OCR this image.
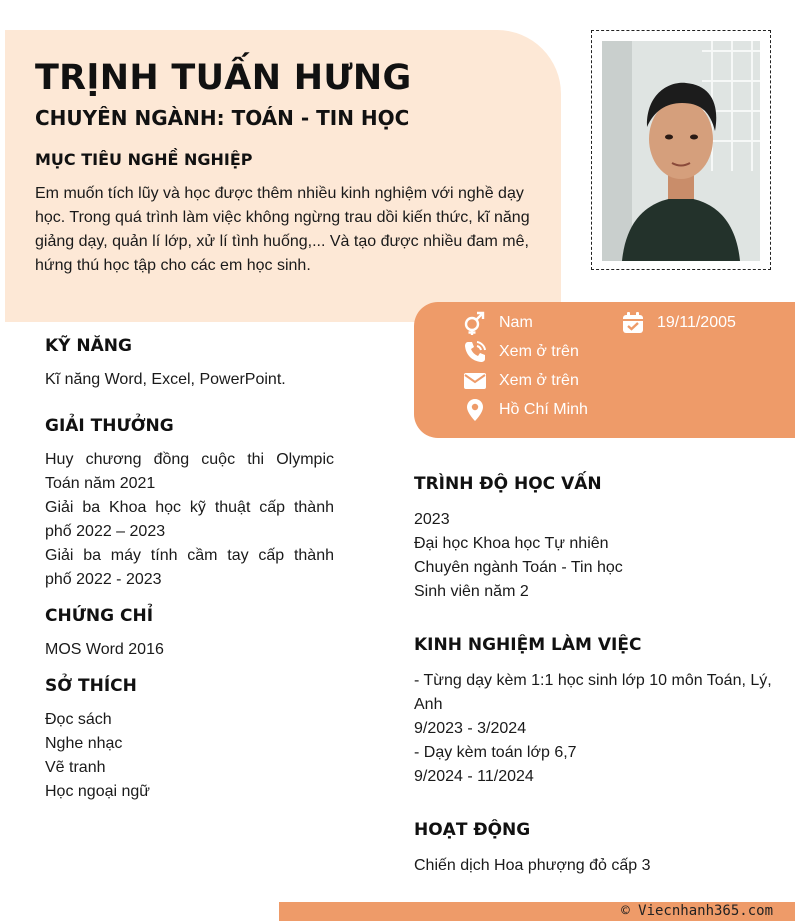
TRỊNH TUẤN HƯNG
CHUYÊN NGÀNH: TOÁN - TIN HỌC
MỤC TIÊU NGHỀ NGHIỆP

Em muốn tích lũy và học được thêm nhiều kinh nghiệm với nghề dạy học. Trong quá trình làm việc không ngừng trau dồi kiến thức, kĩ năng giảng dạy, quản lí lớp, xử lí tình huống,... Và tạo được nhiều đam mê, hứng thú học tập cho các em học sinh.

Nam	19/11/2005
Xem ở trên
Xem ở trên
Hồ Chí Minh
KỸ NĂNG
Kĩ năng Word, Excel, PowerPoint.
GIẢI THƯỞNG
Huy chương đồng cuộc thi Olympic
Toán năm 2021
Giải ba Khoa học kỹ thuật cấp thành
phố 2022 – 2023
Giải ba máy tính cầm tay cấp thành
phố 2022 - 2023
CHỨNG CHỈ
MOS Word 2016
SỞ THÍCH
Đọc sách
Nghe nhạc
Vẽ tranh
Học ngoại ngữ
TRÌNH ĐỘ HỌC VẤN
2023
Đại học Khoa học Tự nhiên
Chuyên ngành Toán - Tin học
Sinh viên năm 2
KINH NGHIỆM LÀM VIỆC
- Từng dạy kèm 1:1 học sinh lớp 10 môn Toán, Lý,
Anh
9/2023 - 3/2024
- Dạy kèm toán lớp 6,7
9/2024 - 11/2024
HOẠT ĐỘNG
Chiến dịch Hoa phượng đỏ cấp 3
© Viecnhanh365.com
